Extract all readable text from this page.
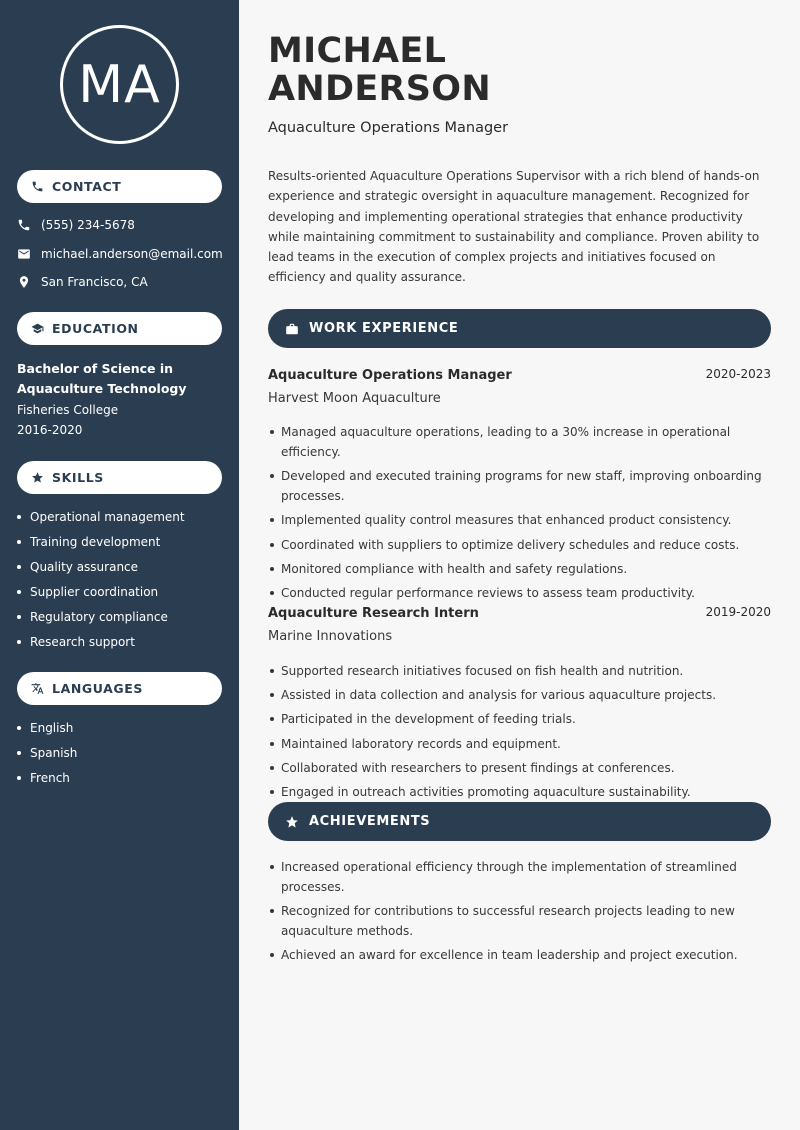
MA
CONTACT
(555) 234-5678
michael.anderson@email.com
San Francisco, CA
EDUCATION
Bachelor of Science in Aquaculture Technology
Fisheries College
2016-2020
SKILLS
Operational management
Training development
Quality assurance
Supplier coordination
Regulatory compliance
Research support
LANGUAGES
English
Spanish
French
MICHAEL
ANDERSON
Aquaculture Operations Manager

Results-oriented Aquaculture Operations Supervisor with a rich blend of hands-on experience and strategic oversight in aquaculture management. Recognized for developing and implementing operational strategies that enhance productivity while maintaining commitment to sustainability and compliance. Proven ability to lead teams in the execution of complex projects and initiatives focused on efficiency and quality assurance.

WORK EXPERIENCE
Aquaculture Operations Manager	2020-2023
Harvest Moon Aquaculture
Managed aquaculture operations, leading to a 30% increase in operational efficiency.
Developed and executed training programs for new staff, improving onboarding processes.
Implemented quality control measures that enhanced product consistency.
Coordinated with suppliers to optimize delivery schedules and reduce costs.
Monitored compliance with health and safety regulations.
Conducted regular performance reviews to assess team productivity.
Aquaculture Research Intern	2019-2020
Marine Innovations
Supported research initiatives focused on fish health and nutrition.
Assisted in data collection and analysis for various aquaculture projects.
Participated in the development of feeding trials.
Maintained laboratory records and equipment.
Collaborated with researchers to present findings at conferences.
Engaged in outreach activities promoting aquaculture sustainability.
ACHIEVEMENTS
Increased operational efficiency through the implementation of streamlined processes.
Recognized for contributions to successful research projects leading to new aquaculture methods.
Achieved an award for excellence in team leadership and project execution.
